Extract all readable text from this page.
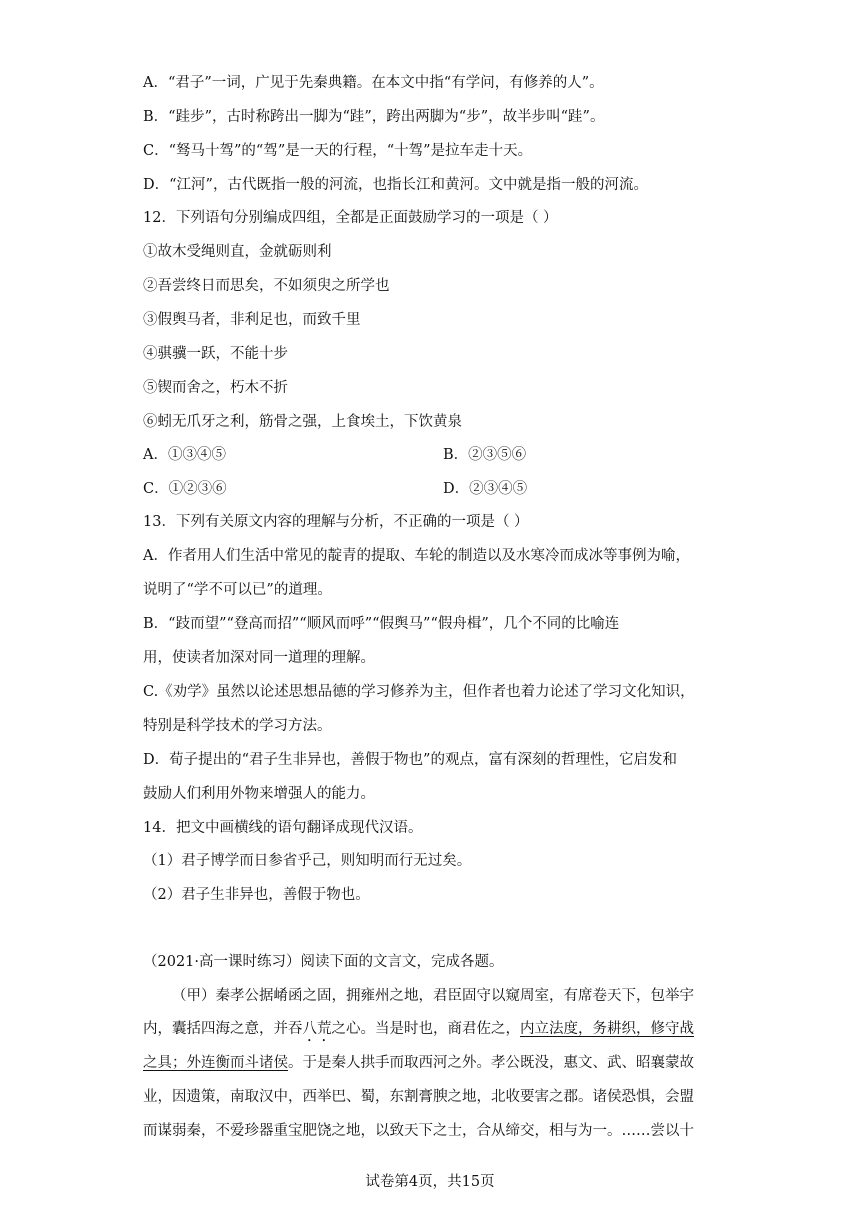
A．“君子”一词，广见于先秦典籍。在本文中指“有学问，有修养的人”。
B．“跬步”，古时称跨出一脚为“跬”，跨出两脚为“步”，故半步叫“跬”。
C．“驽马十驾”的“驾”是一天的行程，“十驾”是拉车走十天。
D．“江河”，古代既指一般的河流，也指长江和黄河。文中就是指一般的河流。
12．下列语句分别编成四组，全都是正面鼓励学习的一项是（ ）
①故木受绳则直，金就砺则利
②吾尝终日而思矣，不如须臾之所学也
③假舆马者，非利足也，而致千里
④骐骥一跃，不能十步
⑤锲而舍之，朽木不折
⑥蚓无爪牙之利，筋骨之强，上食埃土，下饮黄泉
A．①③④⑤	B．②③⑤⑥
C．①②③⑥	D．②③④⑤
13．下列有关原文内容的理解与分析，不正确的一项是（ ）
A．作者用人们生活中常见的靛青的提取、车轮的制造以及水寒冷而成冰等事例为喻，
说明了“学不可以已”的道理。
B．“跂而望”“登高而招”“顺风而呼”“假舆马”“假舟楫”，几个不同的比喻连
用，使读者加深对同一道理的理解。
C.《劝学》虽然以论述思想品德的学习修养为主，但作者也着力论述了学习文化知识，
特别是科学技术的学习方法。
D．荀子提出的“君子生非异也，善假于物也”的观点，富有深刻的哲理性，它启发和
鼓励人们利用外物来增强人的能力。
14．把文中画横线的语句翻译成现代汉语。
（1）君子博学而日参省乎己，则知明而行无过矣。
（2）君子生非异也，善假于物也。
（2021·高一课时练习）阅读下面的文言文，完成各题。
（甲）秦孝公据崤函之固，拥雍州之地，君臣固守以窥周室，有席卷天下，包举宇
内，囊括四海之意，并吞八荒之心。当是时也，商君佐之，内立法度，务耕织，修守战
之具；外连衡而斗诸侯。于是秦人拱手而取西河之外。孝公既没，惠文、武、昭襄蒙故
业，因遗策，南取汉中，西举巴、蜀，东割膏腴之地，北收要害之郡。诸侯恐惧，会盟
而谋弱秦，不爱珍器重宝肥饶之地，以致天下之士，合从缔交，相与为一。……尝以十
试卷第4页，共15页
